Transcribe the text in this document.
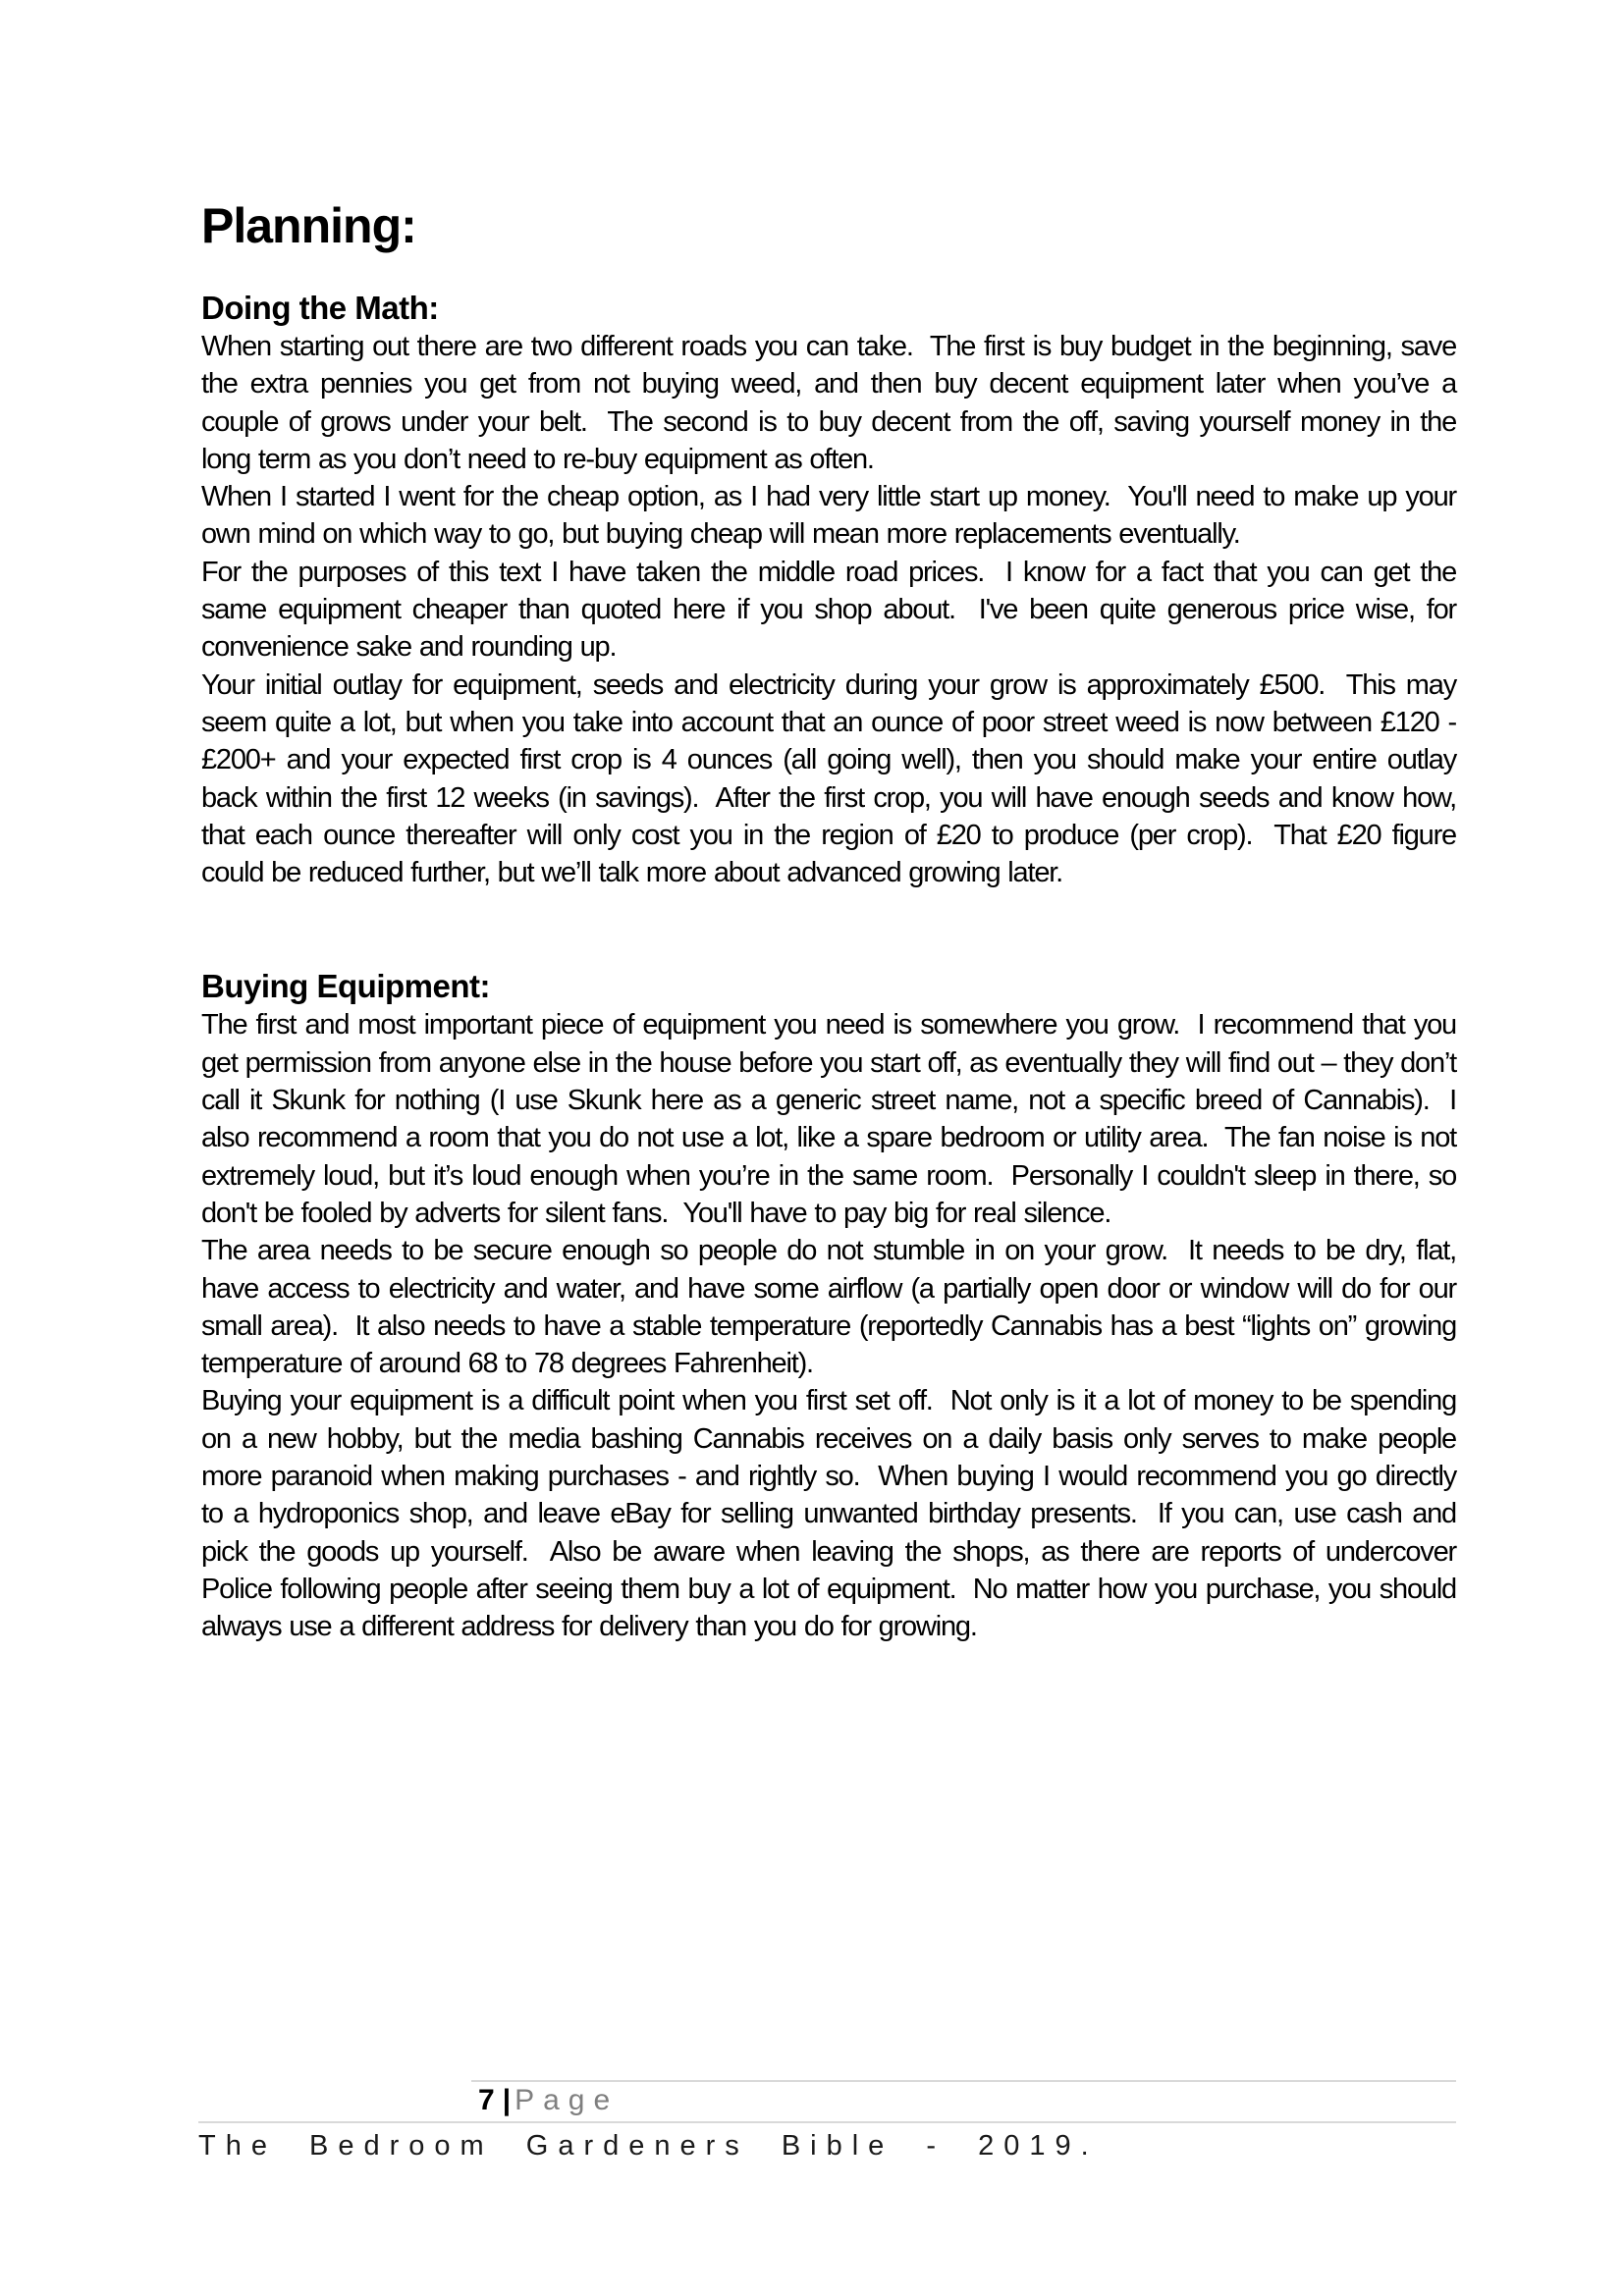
Planning:
Doing the Math:

When starting out there are two different roads you can take.  The first is buy budget in the beginning, save the extra pennies you get from not buying weed, and then buy decent equipment later when you’ve a couple of grows under your belt.  The second is to buy decent from the off, saving yourself money in the long term as you don’t need to re-buy equipment as often.

When I started I went for the cheap option, as I had very little start up money.  You'll need to make up your own mind on which way to go, but buying cheap will mean more replacements eventually.

For the purposes of this text I have taken the middle road prices.  I know for a fact that you can get the same equipment cheaper than quoted here if you shop about.  I've been quite generous price wise, for convenience sake and rounding up.

Your initial outlay for equipment, seeds and electricity during your grow is approximately £500.  This may seem quite a lot, but when you take into account that an ounce of poor street weed is now between £120 - £200+ and your expected first crop is 4 ounces (all going well), then you should make your entire outlay back within the first 12 weeks (in savings).  After the first crop, you will have enough seeds and know how, that each ounce thereafter will only cost you in the region of £20 to produce (per crop).  That £20 figure could be reduced further, but we’ll talk more about advanced growing later.

Buying Equipment:

The first and most important piece of equipment you need is somewhere you grow.  I recommend that you get permission from anyone else in the house before you start off, as eventually they will find out – they don’t call it Skunk for nothing (I use Skunk here as a generic street name, not a specific breed of Cannabis).  I also recommend a room that you do not use a lot, like a spare bedroom or utility area.  The fan noise is not extremely loud, but it’s loud enough when you’re in the same room.  Personally I couldn't sleep in there, so don't be fooled by adverts for silent fans.  You'll have to pay big for real silence.

The area needs to be secure enough so people do not stumble in on your grow.  It needs to be dry, flat, have access to electricity and water, and have some airflow (a partially open door or window will do for our small area).  It also needs to have a stable temperature (reportedly Cannabis has a best “lights on” growing temperature of around 68 to 78 degrees Fahrenheit).

Buying your equipment is a difficult point when you first set off.  Not only is it a lot of money to be spending on a new hobby, but the media bashing Cannabis receives on a daily basis only serves to make people more paranoid when making purchases - and rightly so.  When buying I would recommend you go directly to a hydroponics shop, and leave eBay for selling unwanted birthday presents.  If you can, use cash and pick the goods up yourself.  Also be aware when leaving the shops, as there are reports of undercover Police following people after seeing them buy a lot of equipment.  No matter how you purchase, you should always use a different address for delivery than you do for growing.

7 | Page
The Bedroom Gardeners Bible - 2019.
